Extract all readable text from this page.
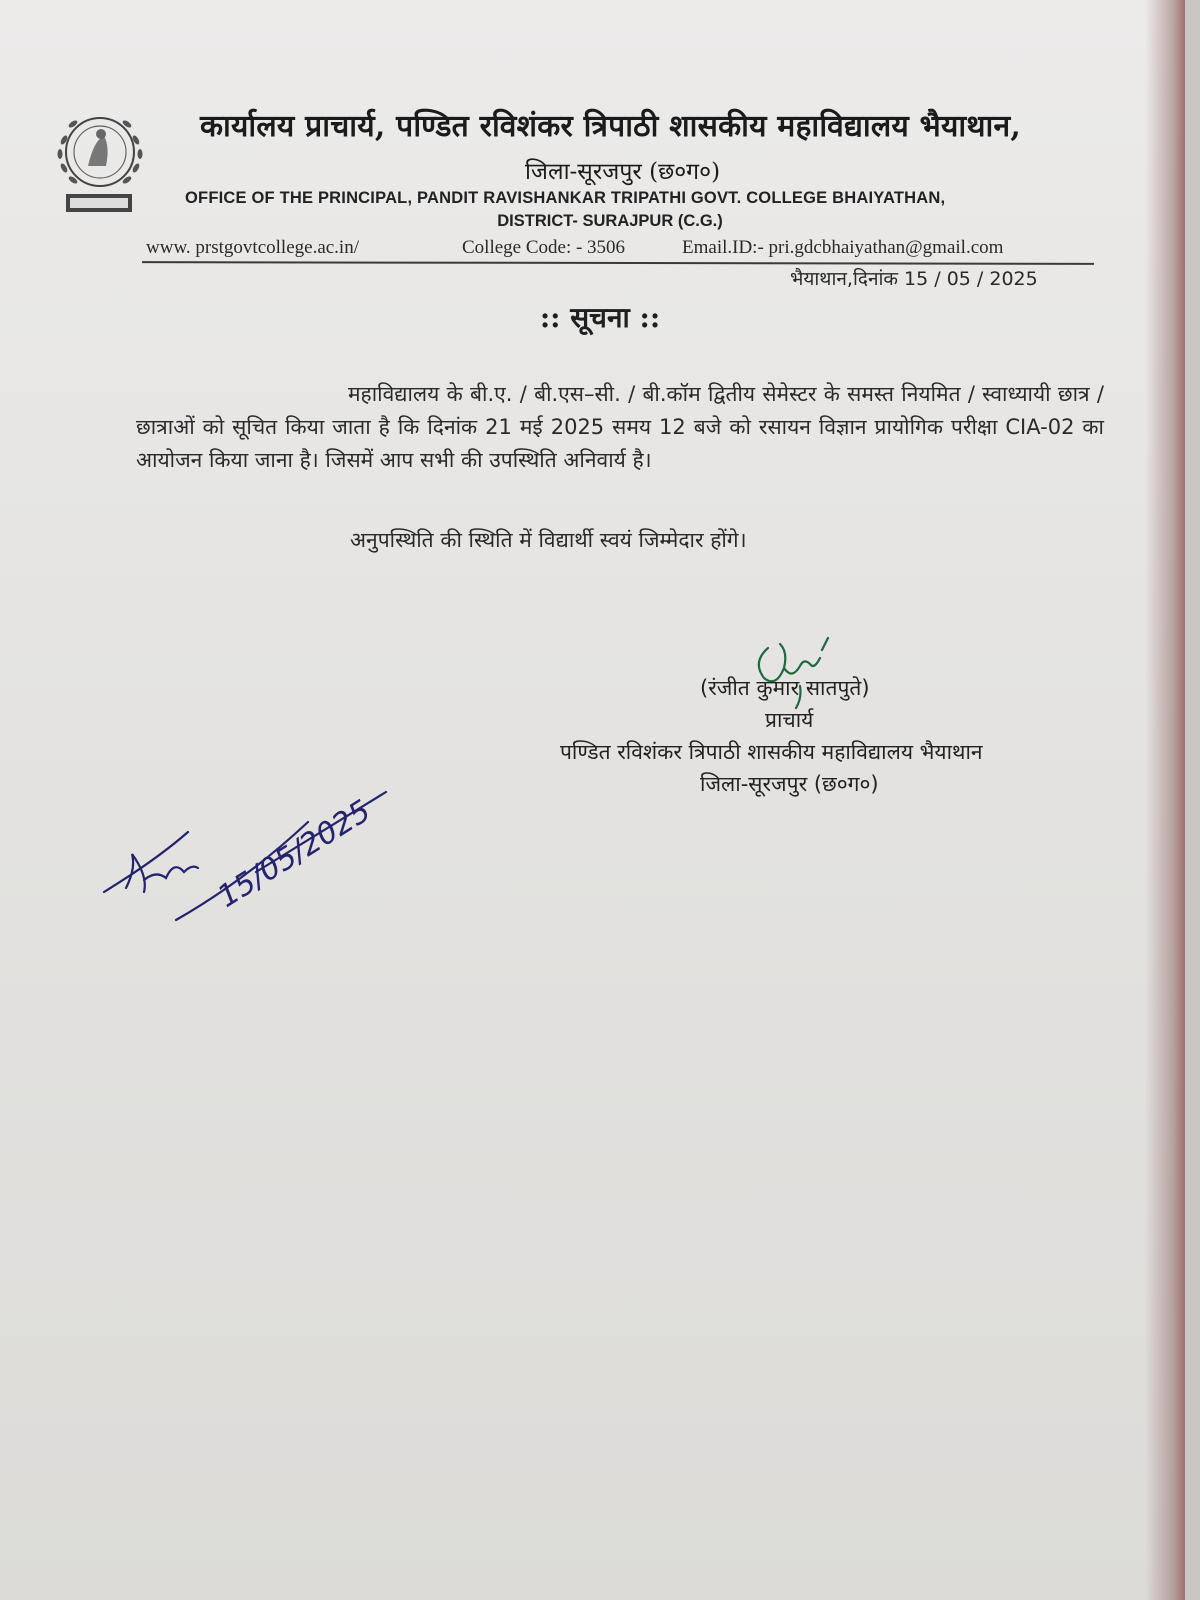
कार्यालय प्राचार्य, पण्डित रविशंकर त्रिपाठी शासकीय महाविद्यालय भैयाथान,
जिला-सूरजपुर (छ०ग०)
OFFICE OF THE PRINCIPAL, PANDIT RAVISHANKAR TRIPATHI GOVT. COLLEGE BHAIYATHAN,
DISTRICT- SURAJPUR (C.G.)
www. prstgovtcollege.ac.in/	College Code: - 3506	Email.ID:- pri.gdcbhaiyathan@gmail.com
भैयाथान,दिनांक 15 / 05 / 2025
:: सूचना ::
महाविद्यालय के बी.ए. / बी.एस–सी. / बी.कॉम द्वितीय सेमेस्टर के समस्त नियमित / स्वाध्यायी छात्र / छात्राओं को सूचित किया जाता है कि दिनांक 21 मई 2025 समय 12 बजे को रसायन विज्ञान प्रायोगिक परीक्षा CIA-02 का आयोजन किया जाना है। जिसमें आप सभी की उपस्थिति अनिवार्य है।
अनुपस्थिति की स्थिति में विद्यार्थी स्वयं जिम्मेदार होंगे।
(रंजीत कुमार सातपुते)
प्राचार्य
पण्डित रविशंकर त्रिपाठी शासकीय महाविद्यालय भैयाथान
जिला-सूरजपुर (छ०ग०)
15/05/2025
